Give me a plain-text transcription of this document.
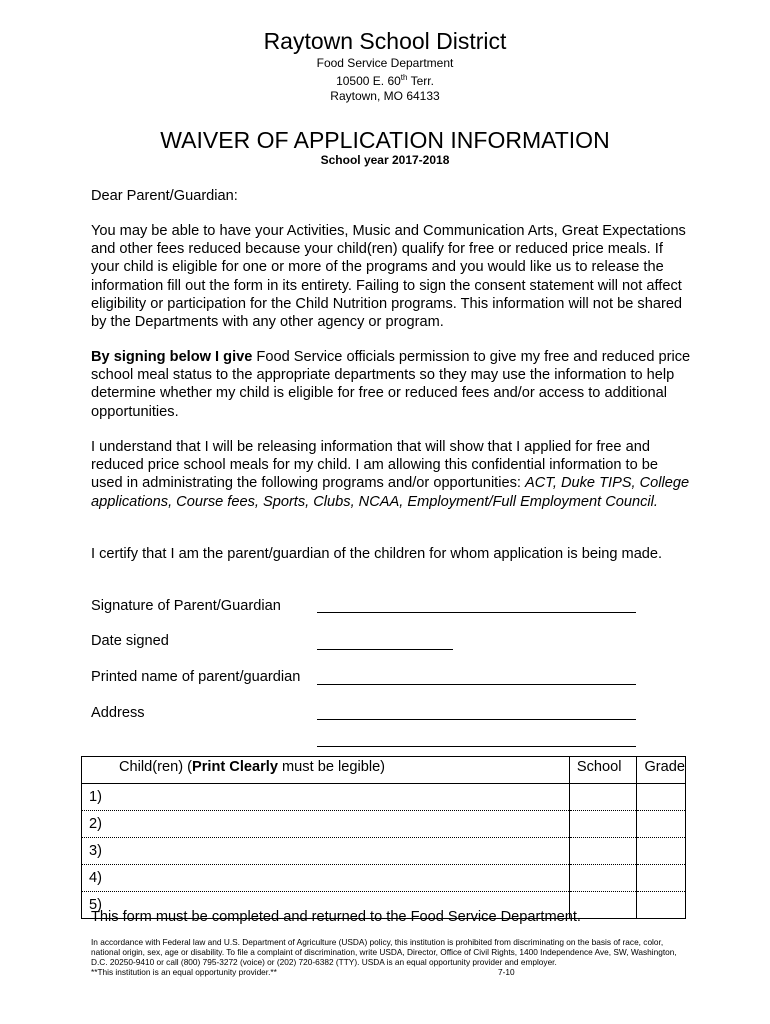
Raytown School District
Food Service Department
10500 E. 60th Terr.
Raytown, MO 64133
WAIVER OF APPLICATION INFORMATION
School year 2017-2018

Dear Parent/Guardian:

You may be able to have your Activities, Music and Communication Arts, Great Expectations and other fees reduced because your child(ren) qualify for free or reduced price meals. If your child is eligible for one or more of the programs and you would like us to release the information fill out the form in its entirety. Failing to sign the consent statement will not affect eligibility or participation for the Child Nutrition programs. This information will not be shared by the Departments with any other agency or program.

By signing below I give Food Service officials permission to give my free and reduced price school meal status to the appropriate departments so they may use the information to help determine whether my child is eligible for free or reduced fees and/or access to additional opportunities.

I understand that I will be releasing information that will show that I applied for free and reduced price school meals for my child. I am allowing this confidential information to be used in administrating the following programs and/or opportunities: ACT, Duke TIPS, College applications, Course fees, Sports, Clubs, NCAA, Employment/Full Employment Council.

I certify that I am the parent/guardian of the children for whom application is being made.

Signature of Parent/Guardian
Date signed
Printed name of parent/guardian
Address
Child(ren) (Print Clearly must be legible)	School	Grade
1)		
2)		
3)		
4)		
5)		
This form must be completed and returned to the Food Service Department.

In accordance with Federal law and U.S. Department of Agriculture (USDA) policy, this institution is prohibited from discriminating on the basis of race, color, national origin, sex, age or disability. To file a complaint of discrimination, write USDA, Director, Office of Civil Rights, 1400 Independence Ave, SW, Washington, D.C. 20250-9410 or call (800) 795-3272 (voice) or (202) 720-6382 (TTY). USDA is an equal opportunity provider and employer.

**This institution is an equal opportunity provider.**	7-10
